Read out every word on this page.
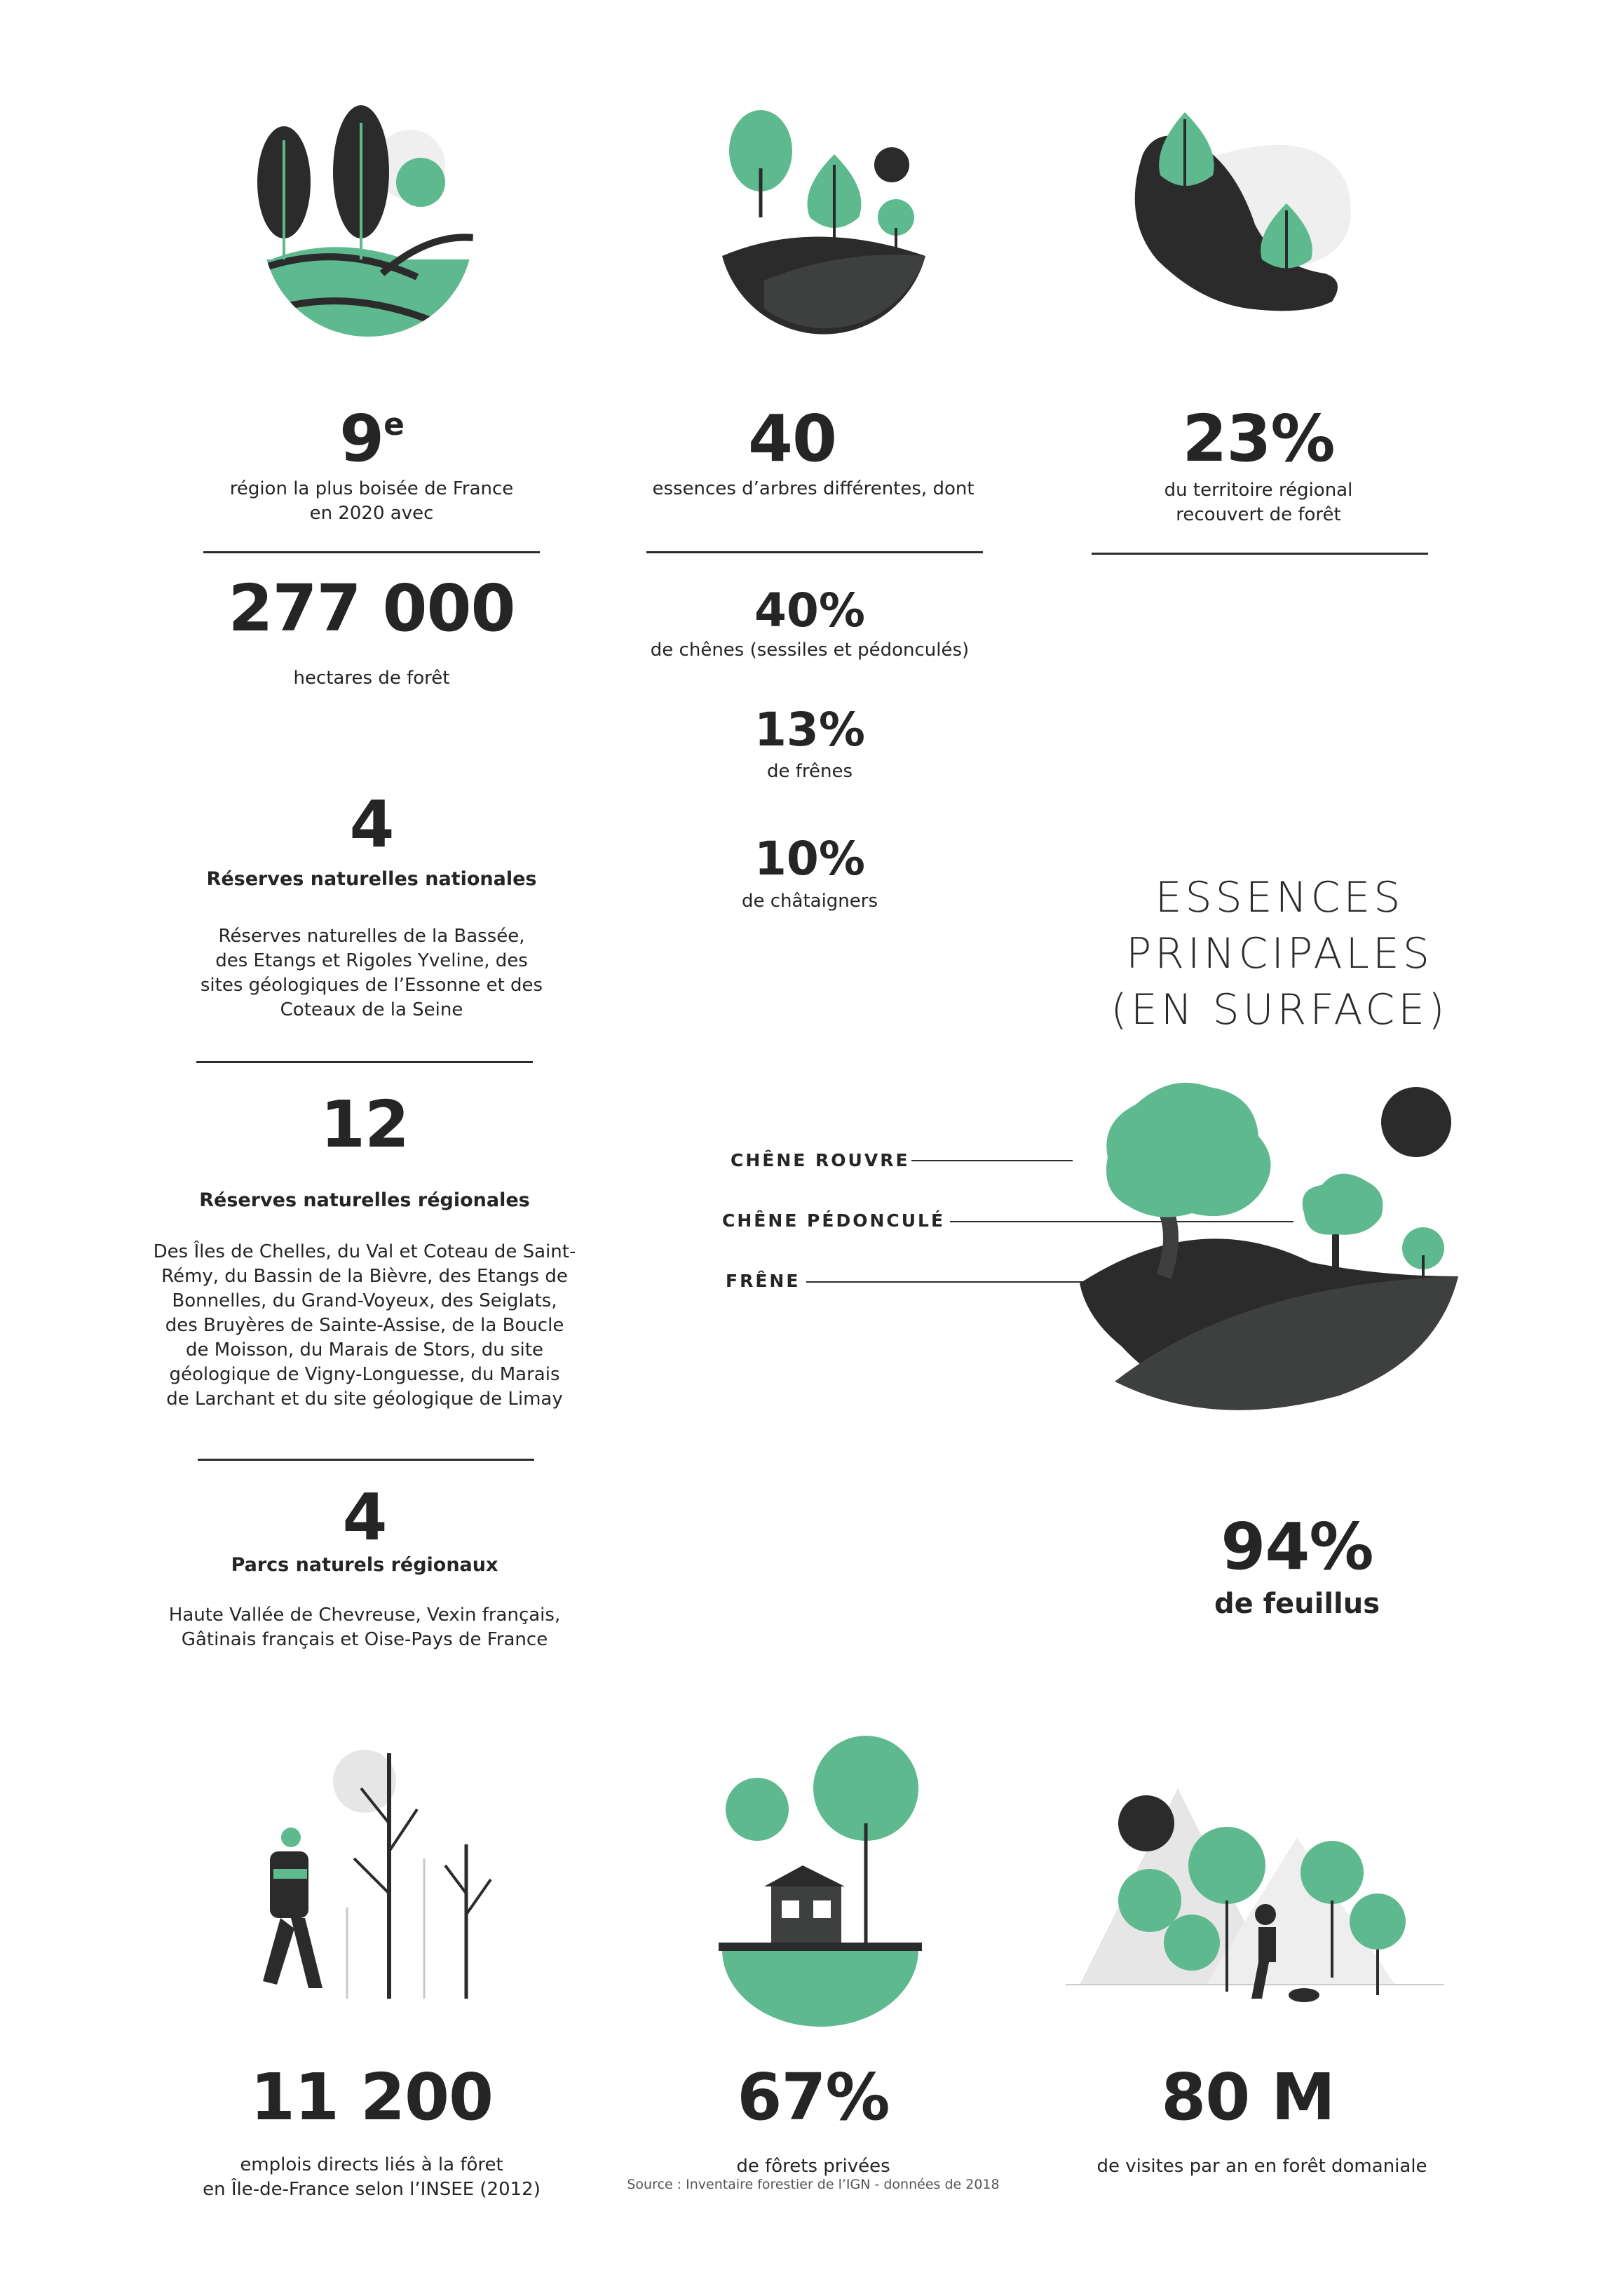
9e
région la plus boisée de France
en 2020 avec
277 000
hectares de forêt
4
Réserves naturelles nationales
Réserves naturelles de la Bassée,
des Etangs et Rigoles Yveline, des
sites géologiques de l’Essonne et des
Coteaux de la Seine
12
Réserves naturelles régionales
Des Îles de Chelles, du Val et Coteau de Saint-
Rémy, du Bassin de la Bièvre, des Etangs de
Bonnelles, du Grand-Voyeux, des Seiglats,
des Bruyères de Sainte-Assise, de la Boucle
de Moisson, du Marais de Stors, du site
géologique de Vigny-Longuesse, du Marais
de Larchant et du site géologique de Limay
4
Parcs naturels régionaux
Haute Vallée de Chevreuse, Vexin français,
Gâtinais français et Oise-Pays de France
40
essences d’arbres différentes, dont
40%
de chênes (sessiles et pédonculés)
13%
de frênes
10%
de châtaigners
23%
du territoire régional
recouvert de forêt
ESSENCES
PRINCIPALES
(EN SURFACE)
CHÊNE ROUVRE
CHÊNE PÉDONCULÉ
FRÊNE
94%
de feuillus
11 200
emplois directs liés à la fôret
en Île-de-France selon l’INSEE (2012)
67%
de fôrets privées
Source : Inventaire forestier de l’IGN - données de 2018
80 M
de visites par an en forêt domaniale
